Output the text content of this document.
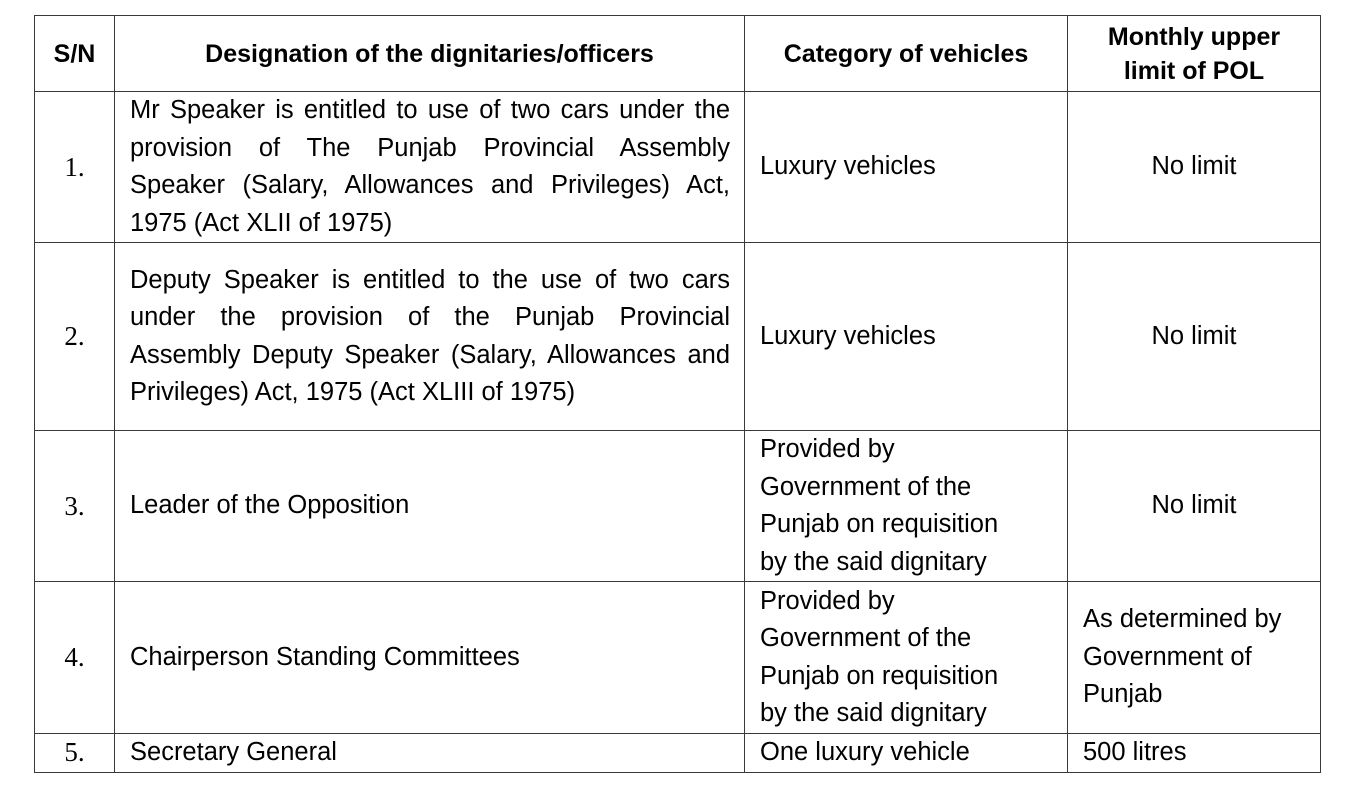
S/N	Designation of the dignitaries/officers	Category of vehicles	Monthly upper limit of POL
1.	Mr Speaker is entitled to use of two cars under the provision of The Punjab Provincial Assembly Speaker (Salary, Allowances and Privileges) Act, 1975 (Act XLII of 1975)	Luxury vehicles	No limit
2.	Deputy Speaker is entitled to the use of two cars under the provision of the Punjab Provincial Assembly Deputy Speaker (Salary, Allowances and Privileges) Act, 1975 (Act XLIII of 1975)	Luxury vehicles	No limit
3.	Leader of the Opposition	Provided by Government of the Punjab on requisition by the said dignitary	No limit
4.	Chairperson Standing Committees	Provided by Government of the Punjab on requisition by the said dignitary	As determined by Government of Punjab
5.	Secretary General	One luxury vehicle	500 litres
